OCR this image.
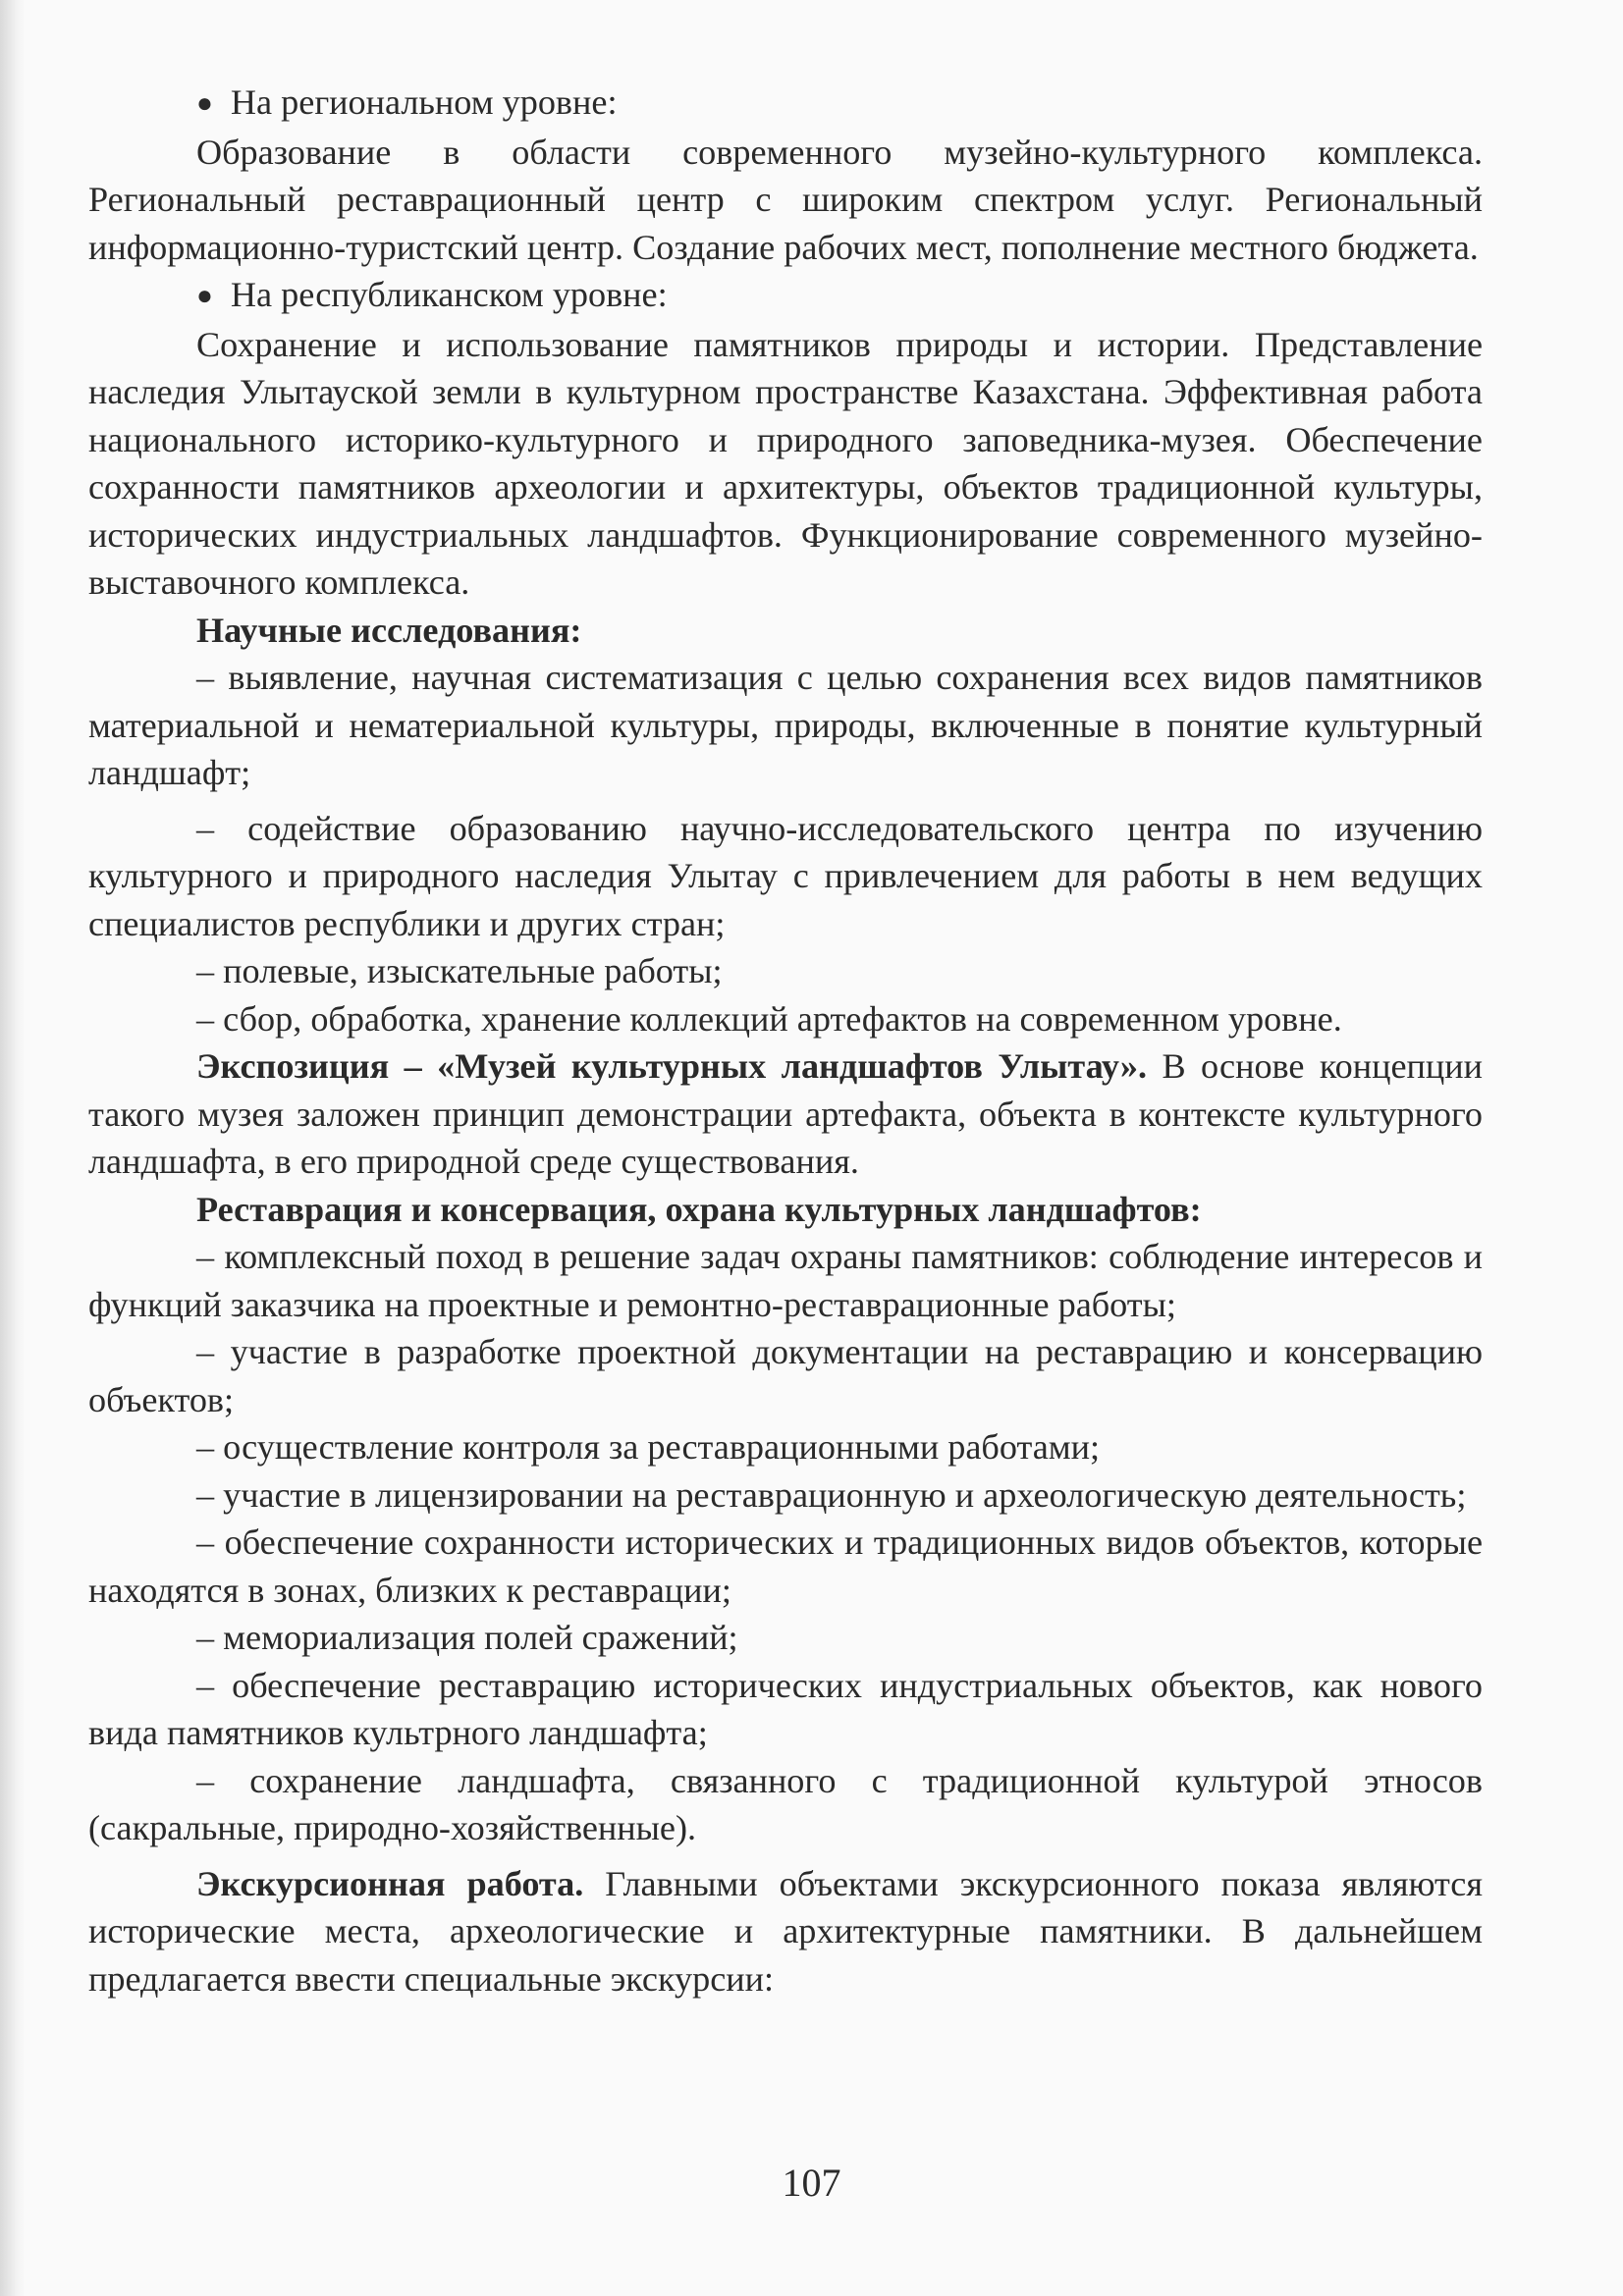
● На региональном уровне:

Образование в области современного музейно-культурного комплекса. Региональный реставрационный центр с широким спектром услуг. Региональный информационно-туристский центр. Создание рабочих мест, пополнение местного бюджета.

● На республиканском уровне:

Сохранение и использование памятников природы и истории. Представление наследия Улытауской земли в культурном пространстве Казахстана. Эффективная работа национального историко-культурного и природного заповедника-музея. Обеспечение сохранности памятников археологии и архитектуры, объектов традиционной культуры, исторических индустриальных ландшафтов. Функционирование современного музейно-выставочного комплекса.

Научные исследования:

– выявление, научная систематизация с целью сохранения всех видов памятников материальной и нематериальной культуры, природы, включенные в понятие культурный ландшафт;

– содействие образованию научно-исследовательского центра по изучению культурного и природного наследия Улытау с привлечением для работы в нем ведущих специалистов республики и других стран;

– полевые, изыскательные работы;

– сбор, обработка, хранение коллекций артефактов на современном уровне.

Экспозиция – «Музей культурных ландшафтов Улытау». В основе концепции такого музея заложен принцип демонстрации артефакта, объекта в контексте культурного ландшафта, в его природной среде существования.

Реставрация и консервация, охрана культурных ландшафтов:

– комплексный поход в решение задач охраны памятников: соблюдение интересов и функций заказчика на проектные и ремонтно-реставрационные работы;

– участие в разработке проектной документации на реставрацию и консервацию объектов;

– осуществление контроля за реставрационными работами;

– участие в лицензировании на реставрационную и археологическую деятельность;

– обеспечение сохранности исторических и традиционных видов объектов, которые находятся в зонах, близких к реставрации;

– мемориализация полей сражений;

– обеспечение реставрацию исторических индустриальных объектов, как нового вида памятников культрного ландшафта;

– сохранение ландшафта, связанного с традиционной культурой этносов (сакральные, природно-хозяйственные).

Экскурсионная работа. Главными объектами экскурсионного показа являются исторические места, археологические и архитектурные памятники. В дальнейшем предлагается ввести специальные экскурсии:

107
